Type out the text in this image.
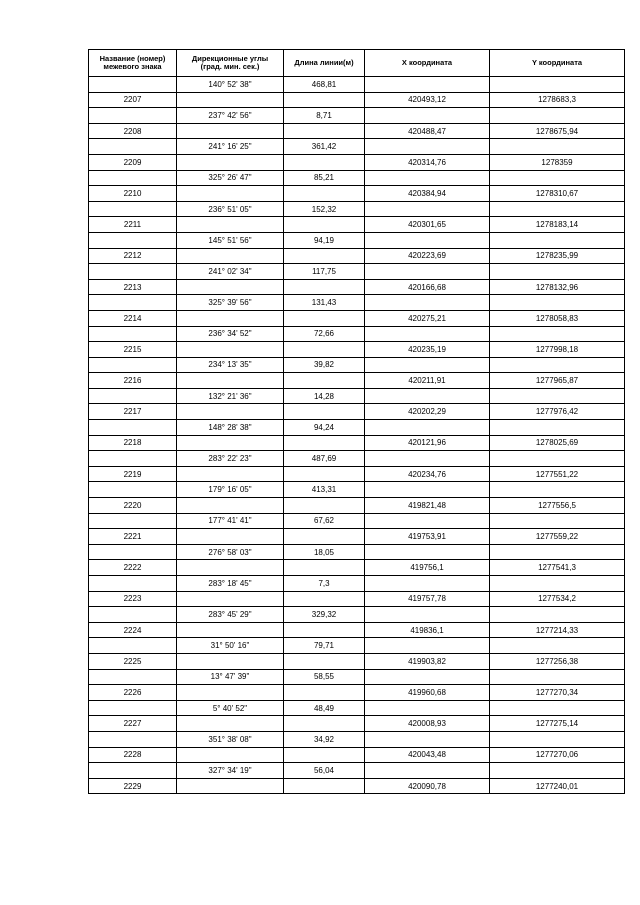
Название (номер)
межевого знака	Дирекционные углы
(град. мин. сек.)	Длина линии(м)	X координата	Y координата
	140° 52' 38"	468,81		
2207			420493,12	1278683,3
	237° 42' 56"	8,71		
2208			420488,47	1278675,94
	241° 16' 25"	361,42		
2209			420314,76	1278359
	325° 26' 47"	85,21		
2210			420384,94	1278310,67
	236° 51' 05"	152,32		
2211			420301,65	1278183,14
	145° 51' 56"	94,19		
2212			420223,69	1278235,99
	241° 02' 34"	117,75		
2213			420166,68	1278132,96
	325° 39' 56"	131,43		
2214			420275,21	1278058,83
	236° 34' 52"	72,66		
2215			420235,19	1277998,18
	234° 13' 35"	39,82		
2216			420211,91	1277965,87
	132° 21' 36"	14,28		
2217			420202,29	1277976,42
	148° 28' 38"	94,24		
2218			420121,96	1278025,69
	283° 22' 23"	487,69		
2219			420234,76	1277551,22
	179° 16' 05"	413,31		
2220			419821,48	1277556,5
	177° 41' 41"	67,62		
2221			419753,91	1277559,22
	276° 58' 03"	18,05		
2222			419756,1	1277541,3
	283° 18' 45"	7,3		
2223			419757,78	1277534,2
	283° 45' 29"	329,32		
2224			419836,1	1277214,33
	31° 50' 16"	79,71		
2225			419903,82	1277256,38
	13° 47' 39"	58,55		
2226			419960,68	1277270,34
	5° 40' 52"	48,49		
2227			420008,93	1277275,14
	351° 38' 08"	34,92		
2228			420043,48	1277270,06
	327° 34' 19"	56,04		
2229			420090,78	1277240,01
